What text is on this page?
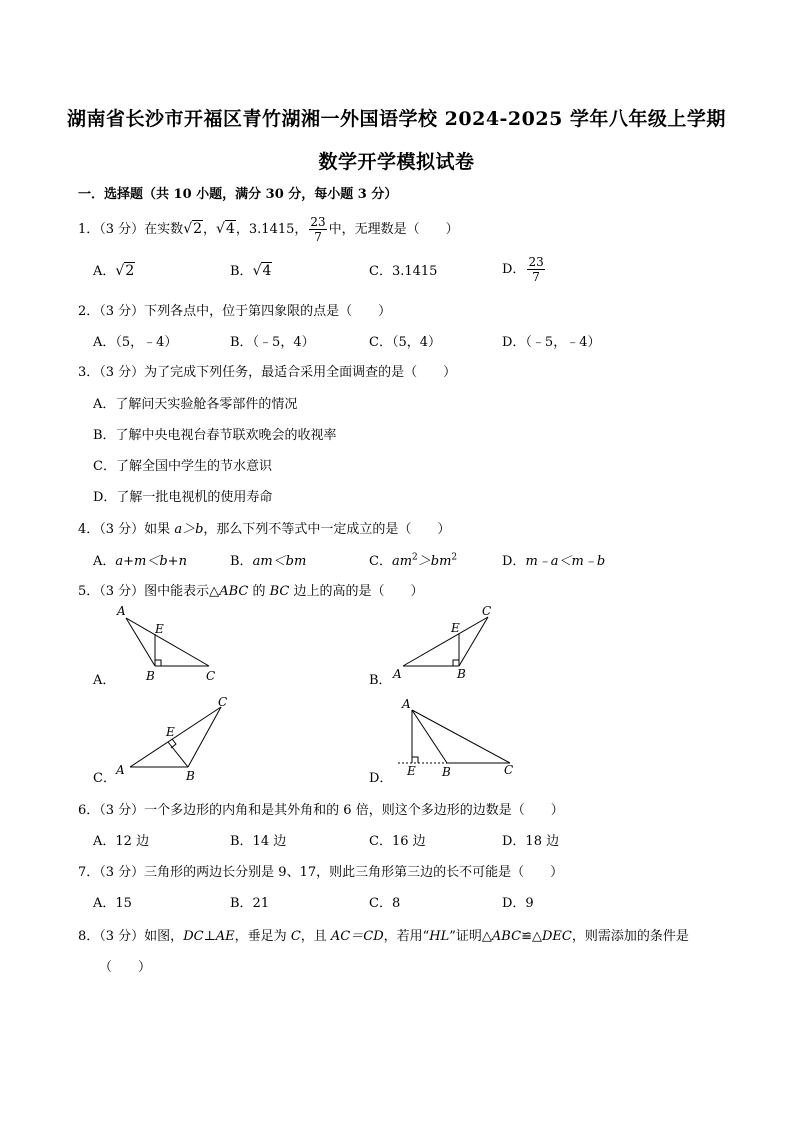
湖南省长沙市开福区青竹湖湘一外国语学校 2024-2025 学年八年级上学期
数学开学模拟试卷
一．选择题（共 10 小题，满分 30 分，每小题 3 分）
1．（3 分）在实数√2，√4，3.1415， $\frac{23}{7}$ 中，无理数是（　　）
A．√2	B．√4	C．3.1415	D． $\frac{23}{7}$
2．（3 分）下列各点中，位于第四象限的点是（　　）
A．（5，﹣4）	B．（﹣5，4）	C．（5，4）	D．（﹣5，﹣4）
3．（3 分）为了完成下列任务，最适合采用全面调查的是（　　）
A．了解问天实验舱各零部件的情况
B．了解中央电视台春节联欢晚会的收视率
C．了解全国中学生的节水意识
D．了解一批电视机的使用寿命
4．（3 分）如果 a＞b，那么下列不等式中一定成立的是（　　）
A．a+m＜b+n	B．am＜bm	C．$am^2>bm^2$	D．m﹣a＜m﹣b
5．（3 分）图中能表示△ABC 的 BC 边上的高的是（　　）
A．	B．
C．	D．
A
E
B	C
E
C
A	B
C
E
A	B
A
E B	C
6．（3 分）一个多边形的内角和是其外角和的 6 倍，则这个多边形的边数是（　　）
A．12 边	B．14 边	C．16 边	D．18 边
7．（3 分）三角形的两边长分别是 9、17，则此三角形第三边的长不可能是（　　）
A．15	B．21	C．8	D．9
8．（3 分）如图，DC⊥AE，垂足为 C，且 AC＝CD，若用“HL”证明△ABC≌△DEC，则需添加的条件是
（　　）
